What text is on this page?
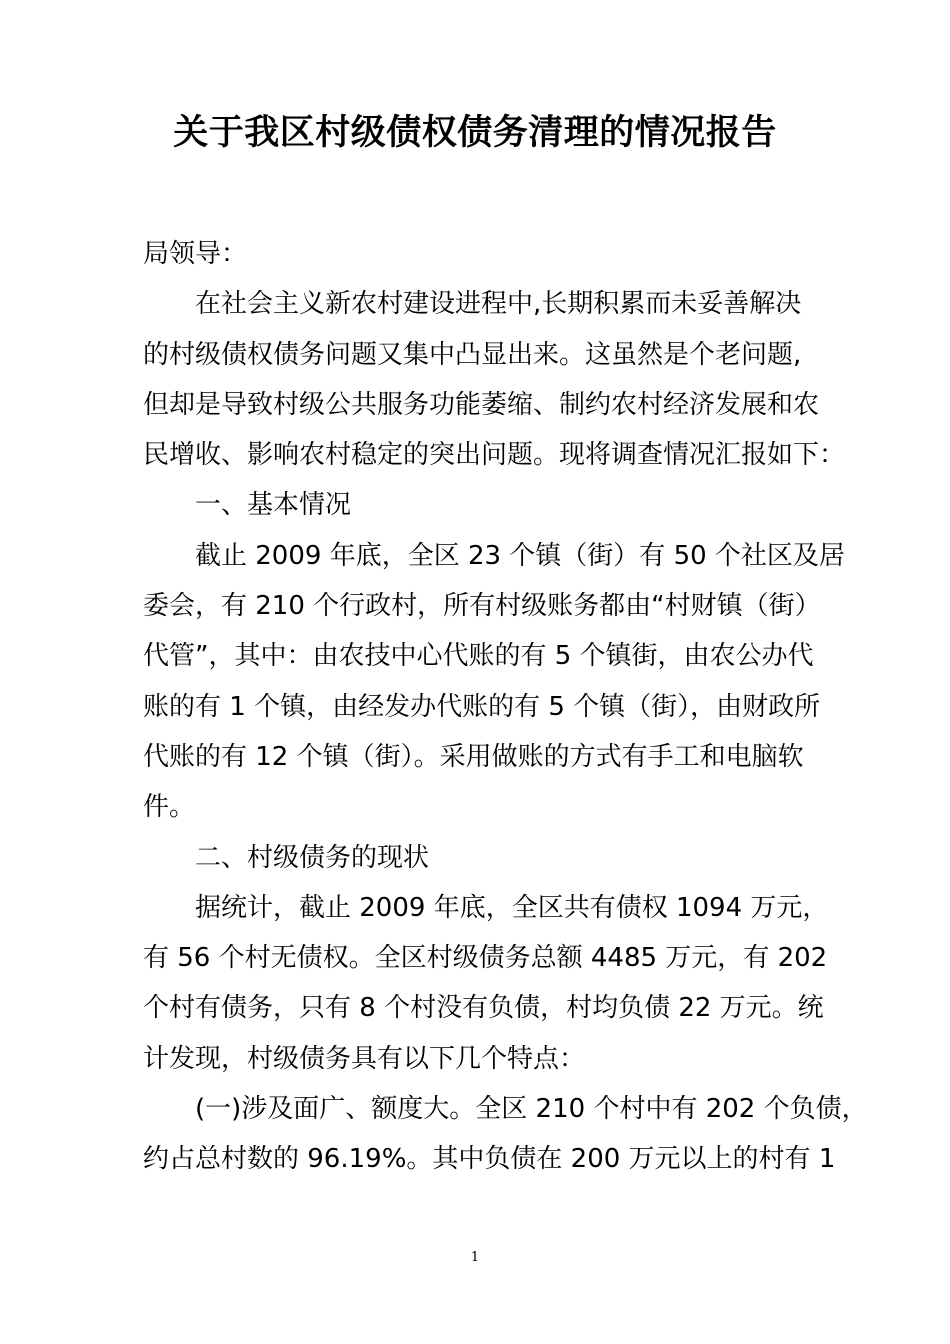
关于我区村级债权债务清理的情况报告
局领导：
在社会主义新农村建设进程中,长期积累而未妥善解决
的村级债权债务问题又集中凸显出来。这虽然是个老问题,
但却是导致村级公共服务功能萎缩、制约农村经济发展和农
民增收、影响农村稳定的突出问题。现将调查情况汇报如下：
一、基本情况
截止 2009 年底，全区 23 个镇（街）有 50 个社区及居
委会，有 210 个行政村，所有村级账务都由“村财镇（街）
代管”，其中：由农技中心代账的有 5 个镇街，由农公办代
账的有 1 个镇，由经发办代账的有 5 个镇（街），由财政所
代账的有 12 个镇（街）。采用做账的方式有手工和电脑软
件。
二、村级债务的现状
据统计，截止 2009 年底，全区共有债权 1094 万元，
有 56 个村无债权。全区村级债务总额 4485 万元，有 202
个村有债务，只有 8 个村没有负债，村均负债 22 万元。统
计发现，村级债务具有以下几个特点：
(一)涉及面广、额度大。全区 210 个村中有 202 个负债，
约占总村数的 96.19%。其中负债在 200 万元以上的村有 1
1
